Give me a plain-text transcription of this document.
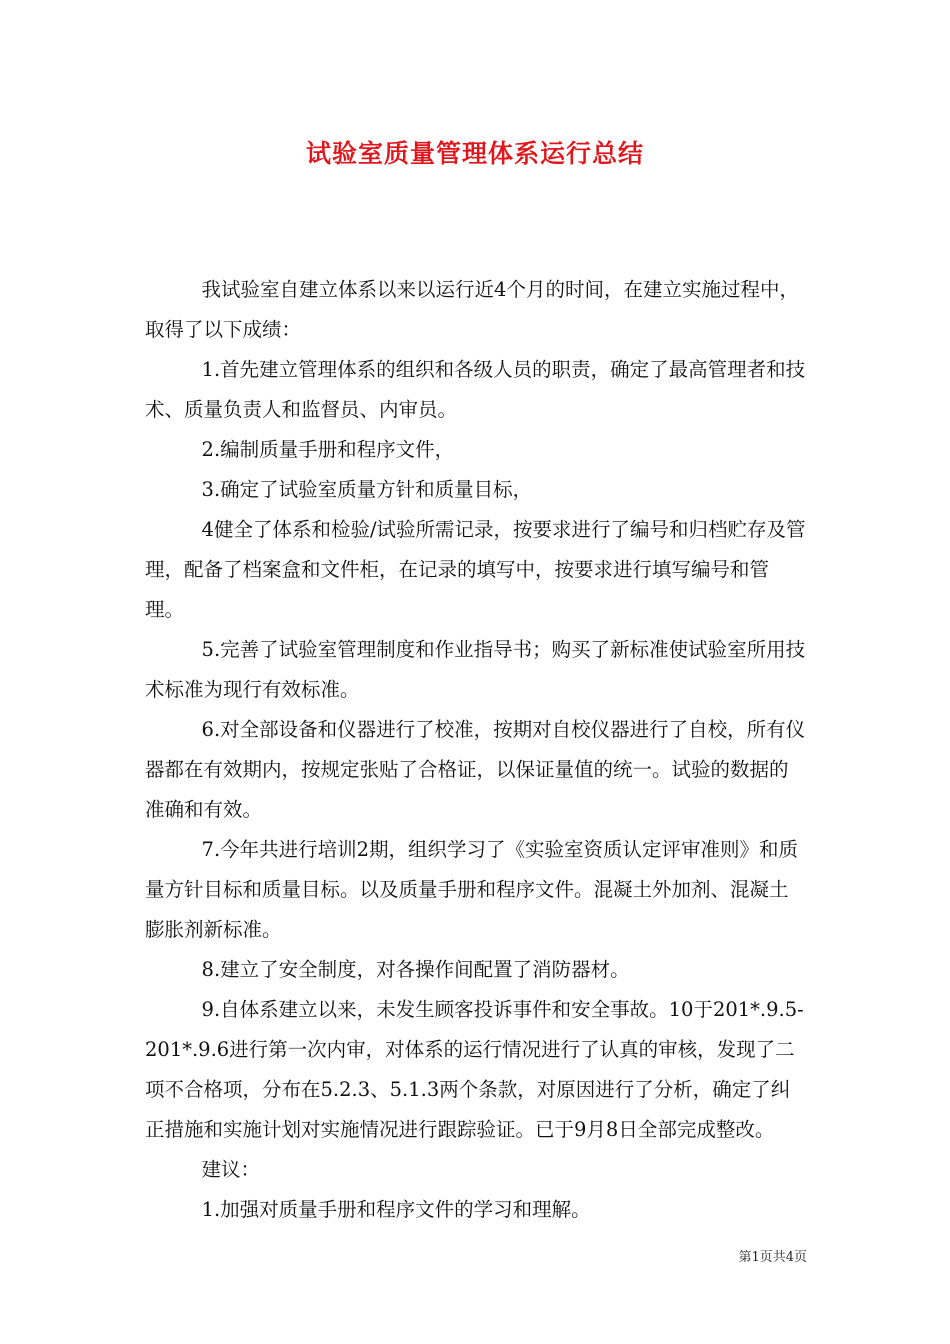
试验室质量管理体系运行总结

我试验室自建立体系以来以运行近4个月的时间，在建立实施过程中，取得了以下成绩：

1.首先建立管理体系的组织和各级人员的职责，确定了最高管理者和技术、质量负责人和监督员、内审员。

2.编制质量手册和程序文件，

3.确定了试验室质量方针和质量目标，

4健全了体系和检验/试验所需记录，按要求进行了编号和归档贮存及管理，配备了档案盒和文件柜，在记录的填写中，按要求进行填写编号和管理。

5.完善了试验室管理制度和作业指导书；购买了新标准使试验室所用技术标准为现行有效标准。

6.对全部设备和仪器进行了校准，按期对自校仪器进行了自校，所有仪器都在有效期内，按规定张贴了合格证，以保证量值的统一。试验的数据的准确和有效。

7.今年共进行培训2期，组织学习了《实验室资质认定评审准则》和质量方针目标和质量目标。以及质量手册和程序文件。混凝土外加剂、混凝土膨胀剂新标准。

8.建立了安全制度，对各操作间配置了消防器材。

9.自体系建立以来，未发生顾客投诉事件和安全事故。10于201*.9.5-201*.9.6进行第一次内审，对体系的运行情况进行了认真的审核，发现了二项不合格项，分布在5.2.3、5.1.3两个条款，对原因进行了分析，确定了纠正措施和实施计划对实施情况进行跟踪验证。已于9月8日全部完成整改。

建议：

1.加强对质量手册和程序文件的学习和理解。

第1页共4页
